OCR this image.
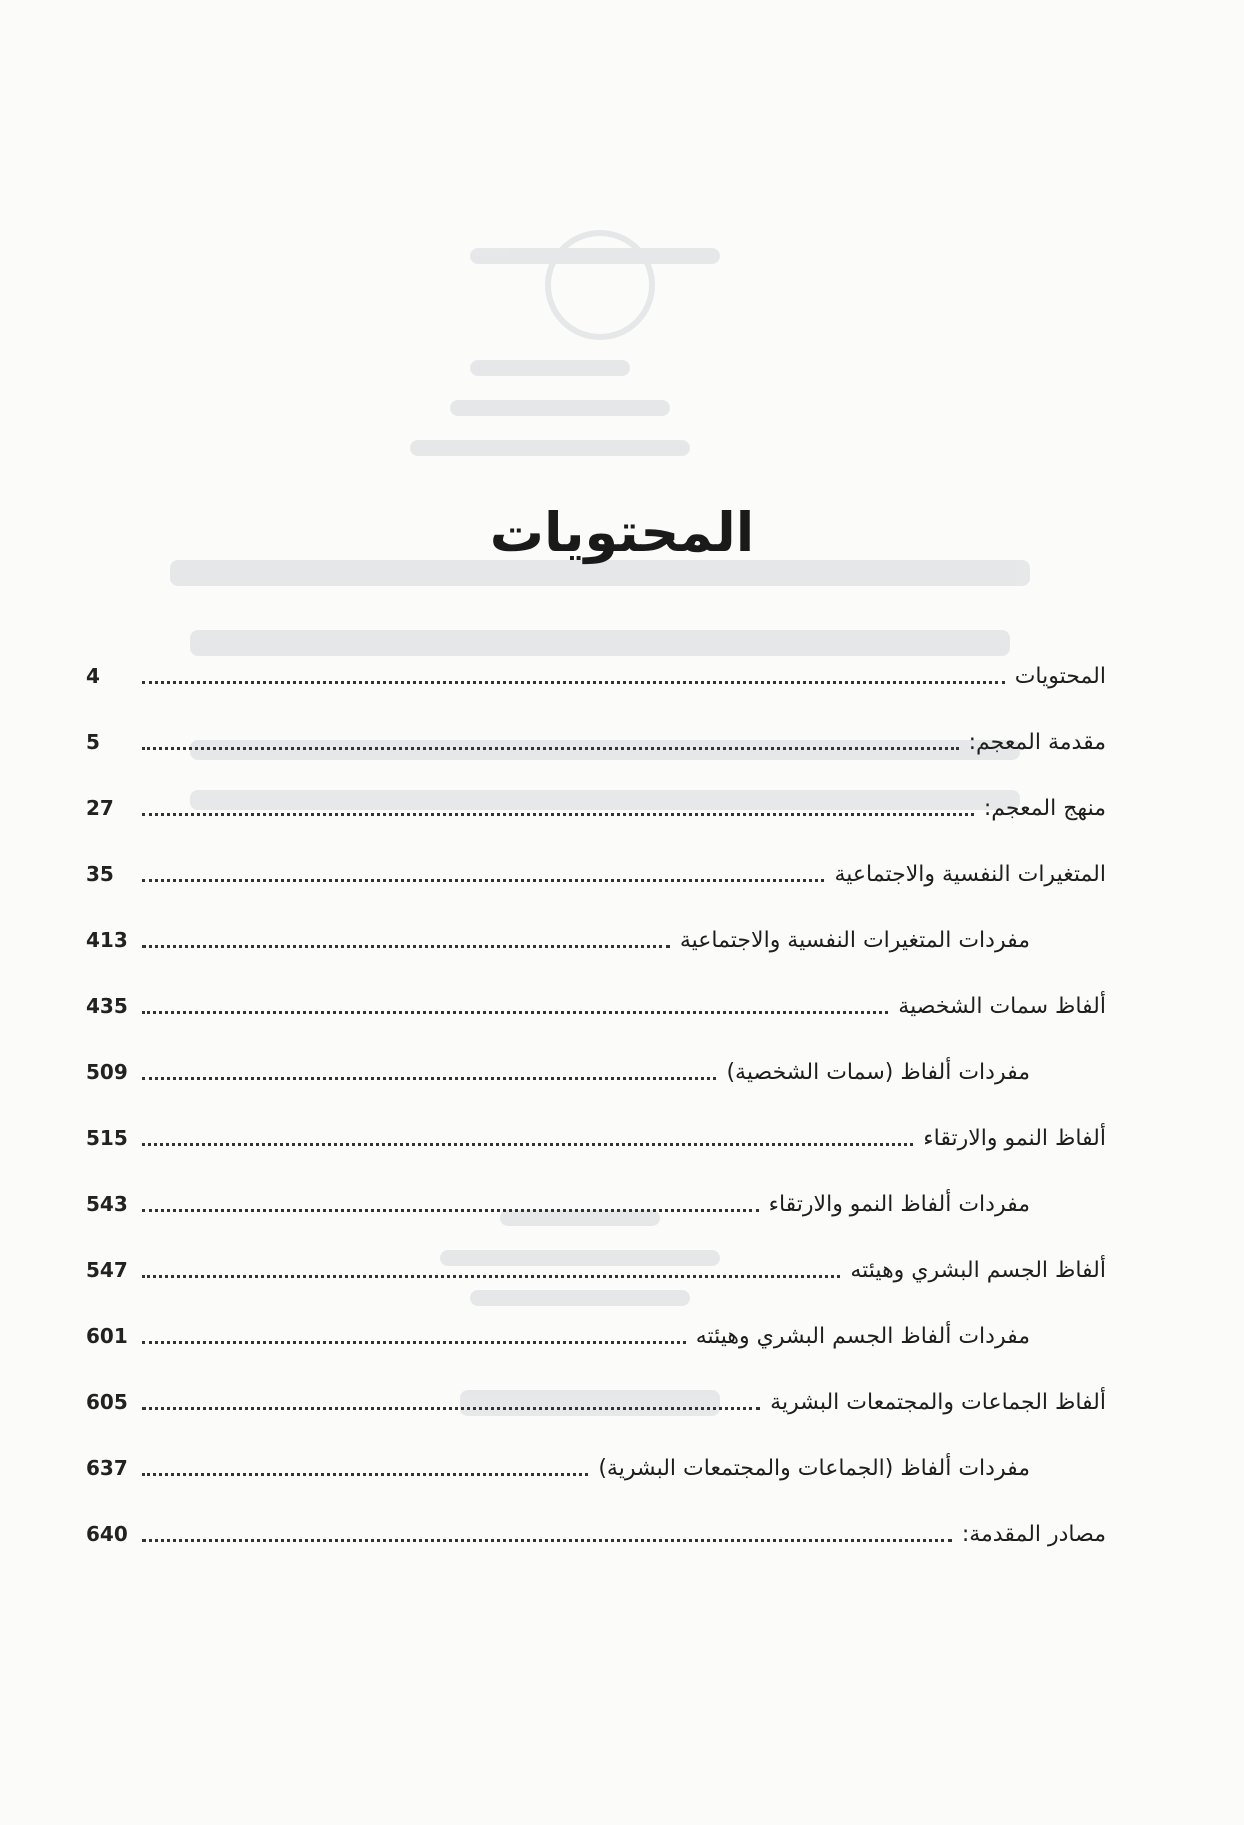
المحتويات
4	المحتويات
5	مقدمة المعجم:
27	منهج المعجم:
35	المتغيرات النفسية والاجتماعية
413	مفردات المتغيرات النفسية والاجتماعية
435	ألفاظ سمات الشخصية
509	مفردات ألفاظ (سمات الشخصية)
515	ألفاظ النمو والارتقاء
543	مفردات ألفاظ النمو والارتقاء
547	ألفاظ الجسم البشري وهيئته
601	مفردات ألفاظ الجسم البشري وهيئته
605	ألفاظ الجماعات والمجتمعات البشرية
637	مفردات ألفاظ (الجماعات والمجتمعات البشرية)
640	مصادر المقدمة:
